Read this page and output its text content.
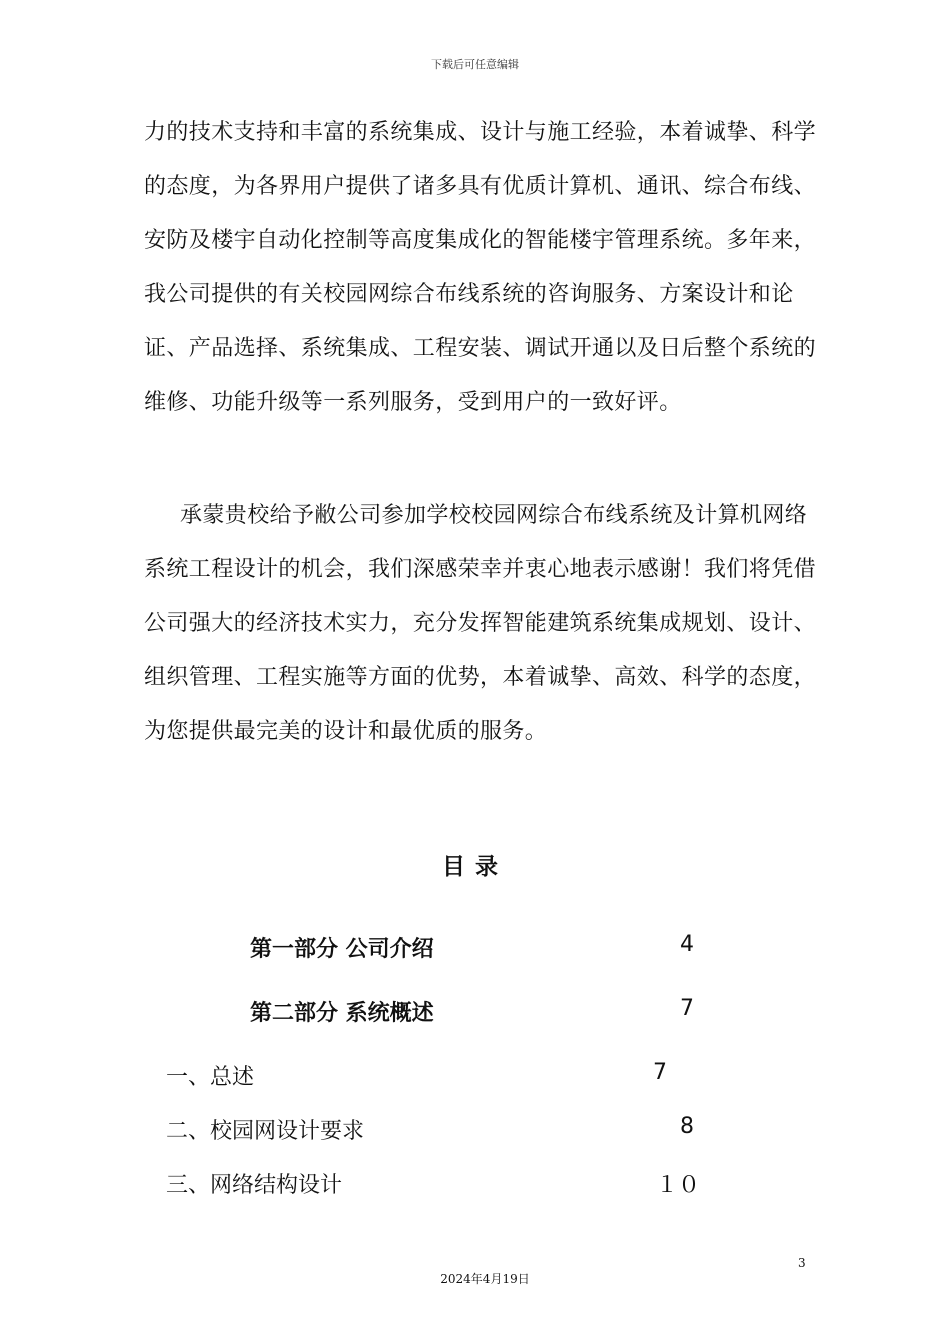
下载后可任意编辑

力的技术支持和丰富的系统集成、设计与施工经验，本着诚挚、科学的态度，为各界用户提供了诸多具有优质计算机、通讯、综合布线、安防及楼宇自动化控制等高度集成化的智能楼宇管理系统。多年来，我公司提供的有关校园网综合布线系统的咨询服务、方案设计和论证、产品选择、系统集成、工程安装、调试开通以及日后整个系统的维修、功能升级等一系列服务，受到用户的一致好评。

承蒙贵校给予敝公司参加学校校园网综合布线系统及计算机网络系统工程设计的机会，我们深感荣幸并衷心地表示感谢！我们将凭借公司强大的经济技术实力，充分发挥智能建筑系统集成规划、设计、组织管理、工程实施等方面的优势，本着诚挚、高效、科学的态度，为您提供最完美的设计和最优质的服务。

目录
第一部分 公司介绍	4
第二部分 系统概述	7
一、总述	7
二、校园网设计要求	8
三、网络结构设计	１０
3
2024年4月19日
